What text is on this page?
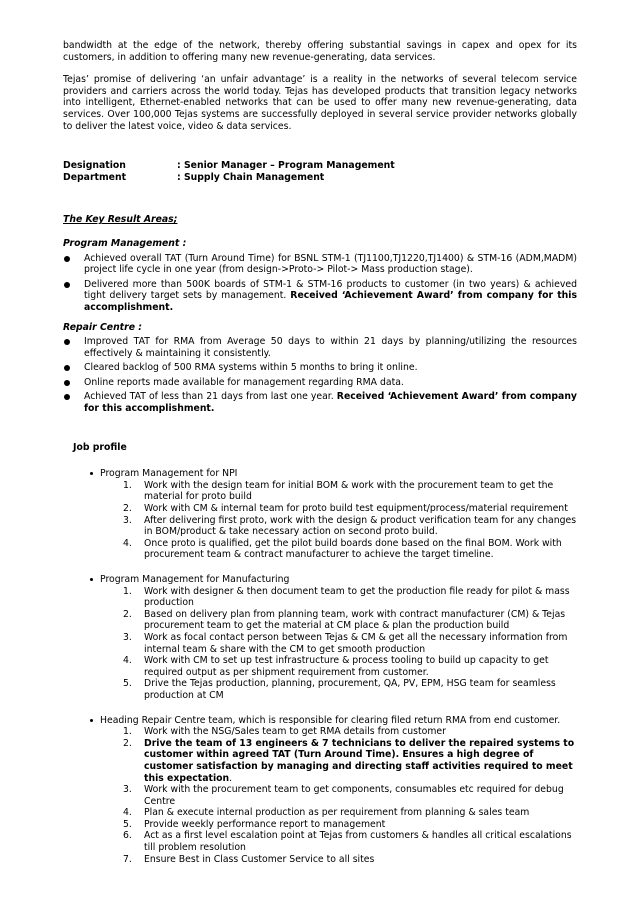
bandwidth at the edge of the network, thereby offering substantial savings in capex and opex for its customers, in addition to offering many new revenue-generating, data services.

Tejas’ promise of delivering ‘an unfair advantage’ is a reality in the networks of several telecom service providers and carriers across the world today. Tejas has developed products that transition legacy networks into intelligent, Ethernet-enabled networks that can be used to offer many new revenue-generating, data services. Over 100,000 Tejas systems are successfully deployed in several service provider networks globally to deliver the latest voice, video & data services.

Designation	: Senior Manager – Program Management
Department	: Supply Chain Management
The Key Result Areas;
Program Management :
Achieved overall TAT (Turn Around Time) for BSNL STM-1 (TJ1100,TJ1220,TJ1400) & STM-16 (ADM,MADM) project life cycle in one year (from design->Proto-> Pilot-> Mass production stage).
Delivered more than 500K boards of STM-1 & STM-16 products to customer (in two years) & achieved tight delivery target sets by management. Received ‘Achievement Award’ from company for this accomplishment.
Repair Centre :
Improved TAT for RMA from Average 50 days to within 21 days by planning/utilizing the resources effectively & maintaining it consistently.
Cleared backlog of 500 RMA systems within 5 months to bring it online.
Online reports made available for management regarding RMA data.
Achieved TAT of less than 21 days from last one year. Received ‘Achievement Award’ from company for this accomplishment.
Job profile
Program Management for NPI
1. Work with the design team for initial BOM & work with the procurement team to get the material for proto build
2. Work with CM & internal team for proto build test equipment/process/material requirement
3. After delivering first proto, work with the design & product verification team for any changes in BOM/product & take necessary action on second proto build.
4. Once proto is qualified, get the pilot build boards done based on the final BOM. Work with procurement team & contract manufacturer to achieve the target timeline.
Program Management for Manufacturing
1. Work with designer & then document team to get the production file ready for pilot & mass production
2. Based on delivery plan from planning team, work with contract manufacturer (CM) & Tejas procurement team to get the material at CM place & plan the production build
3. Work as focal contact person between Tejas & CM & get all the necessary information from internal team & share with the CM to get smooth production
4. Work with CM to set up test infrastructure & process tooling to build up capacity to get required output as per shipment requirement from customer.
5. Drive the Tejas production, planning, procurement, QA, PV, EPM, HSG team for seamless production at CM
Heading Repair Centre team, which is responsible for clearing filed return RMA from end customer.
1. Work with the NSG/Sales team to get RMA details from customer
2. Drive the team of 13 engineers & 7 technicians to deliver the repaired systems to customer within agreed TAT (Turn Around Time). Ensures a high degree of customer satisfaction by managing and directing staff activities required to meet this expectation.
3. Work with the procurement team to get components, consumables etc required for debug Centre
4. Plan & execute internal production as per requirement from planning & sales team
5. Provide weekly performance report to management
6. Act as a first level escalation point at Tejas from customers & handles all critical escalations till problem resolution
7. Ensure Best in Class Customer Service to all sites
